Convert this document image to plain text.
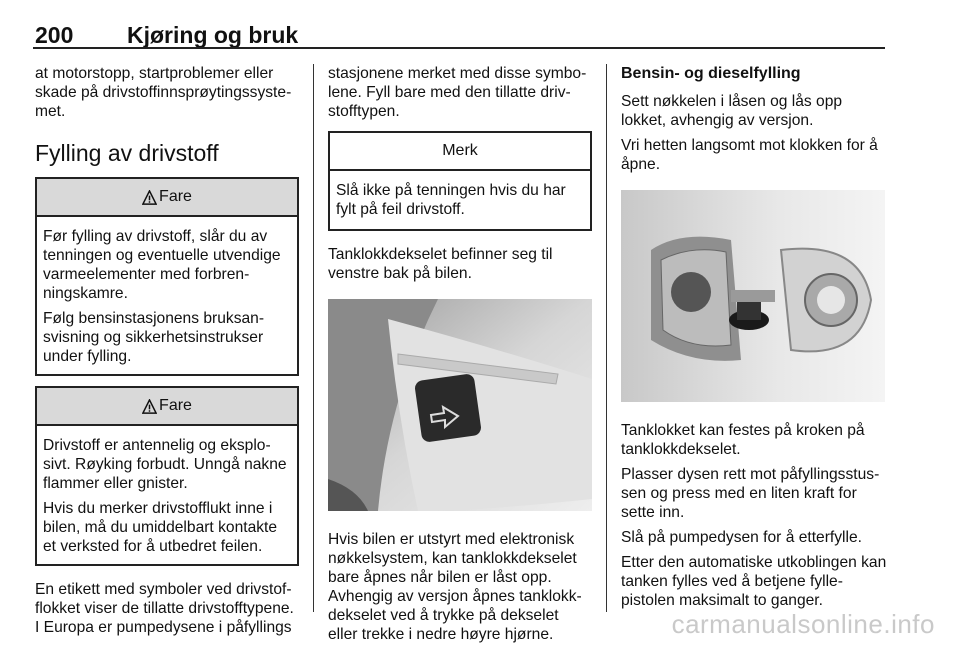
200 Kjøring og bruk

at motorstopp, startproblemer eller skade på drivstoffinnsprøytingssystemet.

Fylling av drivstoff
Fare

Før fylling av drivstoff, slår du av tenningen og eventuelle utvendige varmeelementer med forbrenningskamre.

Følg bensinstasjonens bruksansvisning og sikkerhetsinstrukser under fylling.

Fare

Drivstoff er antennelig og eksplosivt. Røyking forbudt. Unngå nakne flammer eller gnister.

Hvis du merker drivstofflukt inne i bilen, må du umiddelbart kontakte et verksted for å utbedret feilen.

En etikett med symboler ved drivstofflokket viser de tillatte drivstofftypene. I Europa er pumpedysene i påfyllings

stasjonene merket med disse symbolene. Fyll bare med den tillatte drivstofftypen.

Merk

Slå ikke på tenningen hvis du har fylt på feil drivstoff.

Tanklokkdekselet befinner seg til venstre bak på bilen.

Hvis bilen er utstyrt med elektronisk nøkkelsystem, kan tanklokkdekselet bare åpnes når bilen er låst opp. Avhengig av versjon åpnes tanklokkdekselet ved å trykke på dekselet eller trekke i nedre høyre hjørne.

Bensin- og dieselfylling

Sett nøkkelen i låsen og lås opp lokket, avhengig av versjon.

Vri hetten langsomt mot klokken for å åpne.

Tanklokket kan festes på kroken på tanklokkdekselet.

Plasser dysen rett mot påfyllingsstussen og press med en liten kraft for sette inn.

Slå på pumpedysen for å etterfylle.

Etter den automatiske utkoblingen kan tanken fylles ved å betjene fyllepistolen maksimalt to ganger.

carmanualsonline.info
